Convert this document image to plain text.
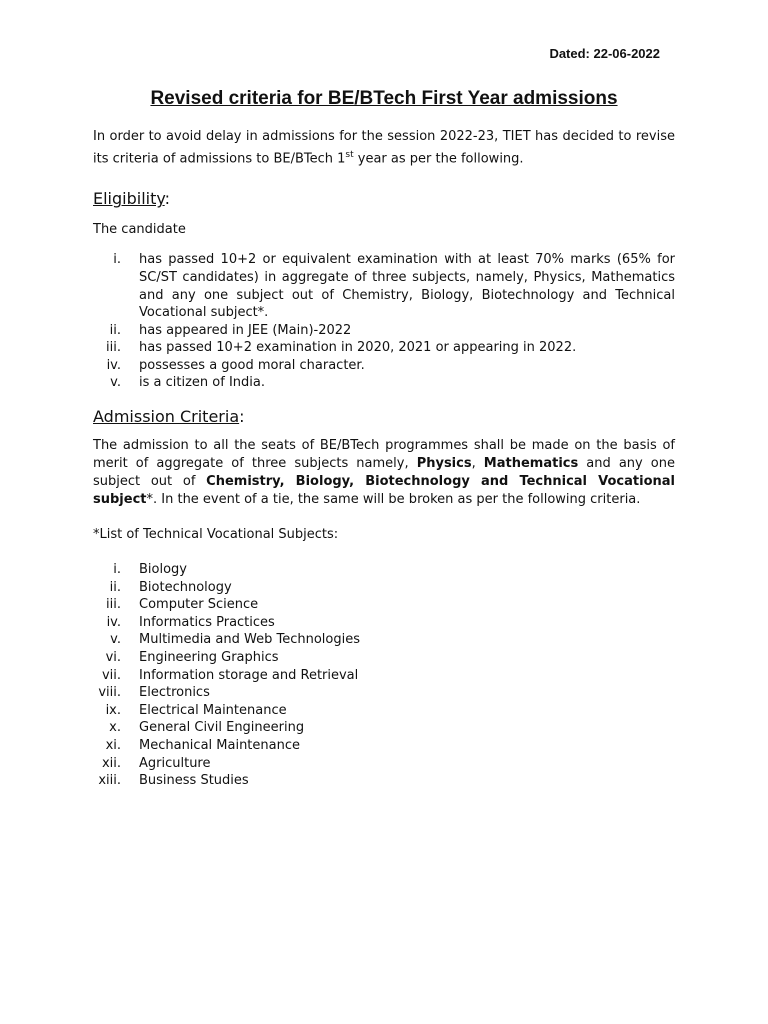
Dated: 22-06-2022
Revised criteria for BE/BTech First Year admissions

In order to avoid delay in admissions for the session 2022-23, TIET has decided to revise its criteria of admissions to BE/BTech 1st year as per the following.

Eligibility:

The candidate

i. has passed 10+2 or equivalent examination with at least 70% marks (65% for SC/ST candidates) in aggregate of three subjects, namely, Physics, Mathematics and any one subject out of Chemistry, Biology, Biotechnology and Technical Vocational subject*.
ii. has appeared in JEE (Main)-2022
iii. has passed 10+2 examination in 2020, 2021 or appearing in 2022.
iv. possesses a good moral character.
v. is a citizen of India.

Admission Criteria:

The admission to all the seats of BE/BTech programmes shall be made on the basis of merit of aggregate of three subjects namely, Physics, Mathematics and any one subject out of Chemistry, Biology, Biotechnology and Technical Vocational subject*. In the event of a tie, the same will be broken as per the following criteria.

*List of Technical Vocational Subjects:

i. Biology
ii. Biotechnology
iii. Computer Science
iv. Informatics Practices
v. Multimedia and Web Technologies
vi. Engineering Graphics
vii. Information storage and Retrieval
viii. Electronics
ix. Electrical Maintenance
x. General Civil Engineering
xi. Mechanical Maintenance
xii. Agriculture
xiii. Business Studies
